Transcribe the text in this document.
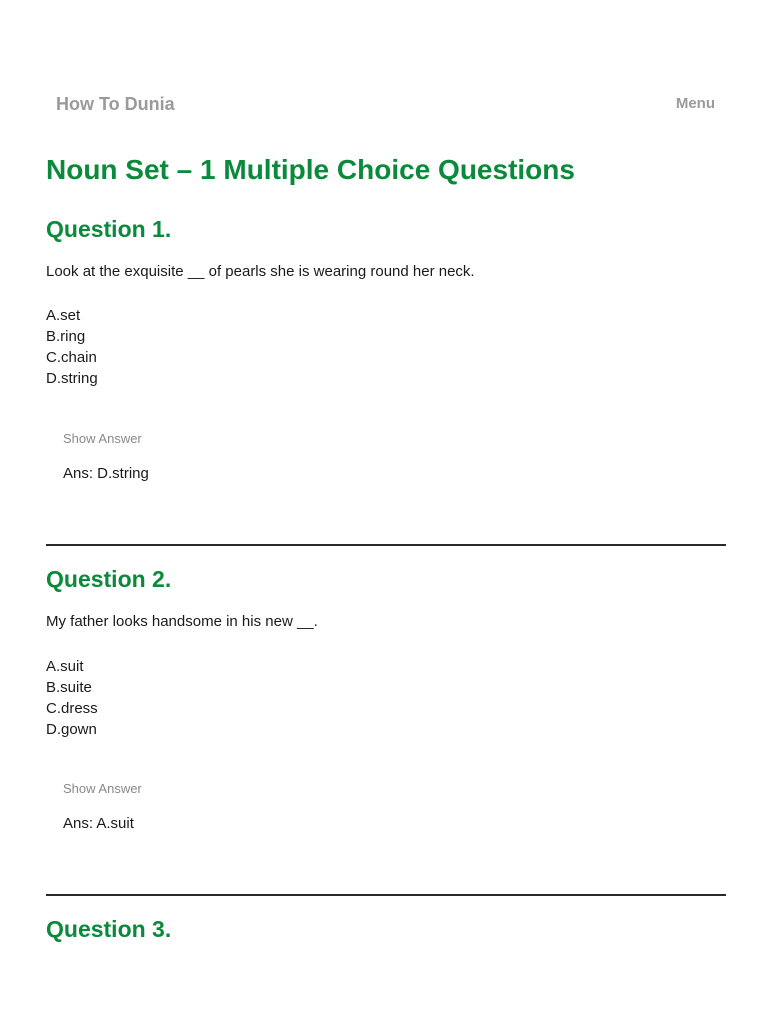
How To Dunia	Menu
Noun Set – 1 Multiple Choice Questions
Question 1.
Look at the exquisite __ of pearls she is wearing round her neck.
A.set
B.ring
C.chain
D.string
Show Answer
Ans: D.string
Question 2.
My father looks handsome in his new __.
A.suit
B.suite
C.dress
D.gown
Show Answer
Ans: A.suit
Question 3.
